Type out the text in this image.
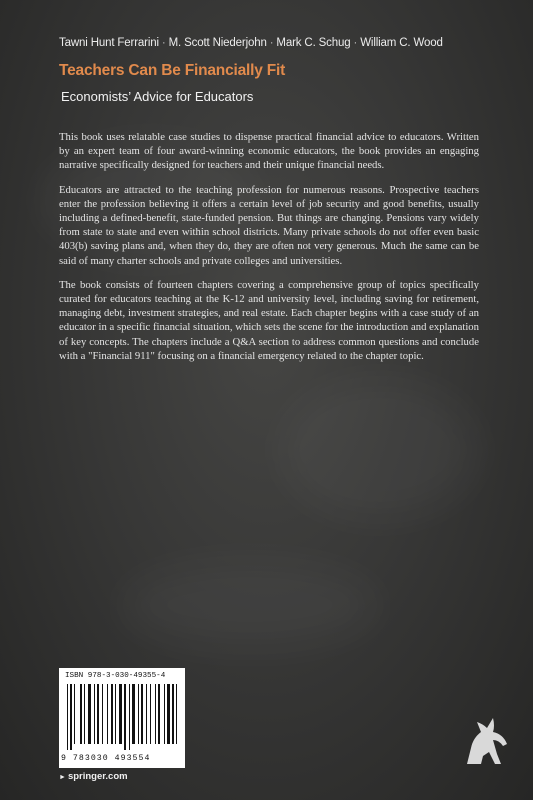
Tawni Hunt Ferrarini · M. Scott Niederjohn · Mark C. Schug · William C. Wood
Teachers Can Be Financially Fit
Economists’ Advice for Educators

This book uses relatable case studies to dispense practical financial advice to educators. Written by an expert team of four award-winning economic educators, the book provides an engaging narrative specifically designed for teachers and their unique financial needs.

Educators are attracted to the teaching profession for numerous reasons. Prospective teachers enter the profession believing it offers a certain level of job security and good benefits, usually including a defined-benefit, state-funded pension. But things are changing. Pensions vary widely from state to state and even within school districts. Many private schools do not offer even basic 403(b) saving plans and, when they do, they are often not very generous. Much the same can be said of many charter schools and private colleges and universities.

The book consists of fourteen chapters covering a comprehensive group of topics specifically curated for educators teaching at the K-12 and university level, including saving for retirement, managing debt, investment strategies, and real estate. Each chapter begins with a case study of an educator in a specific financial situation, which sets the scene for the introduction and explanation of key concepts. The chapters include a Q&A section to address common questions and conclude with a "Financial 911" focusing on a financial emergency related to the chapter topic.

ISBN 978-3-030-49355-4
9 783030 493554
► springer.com
